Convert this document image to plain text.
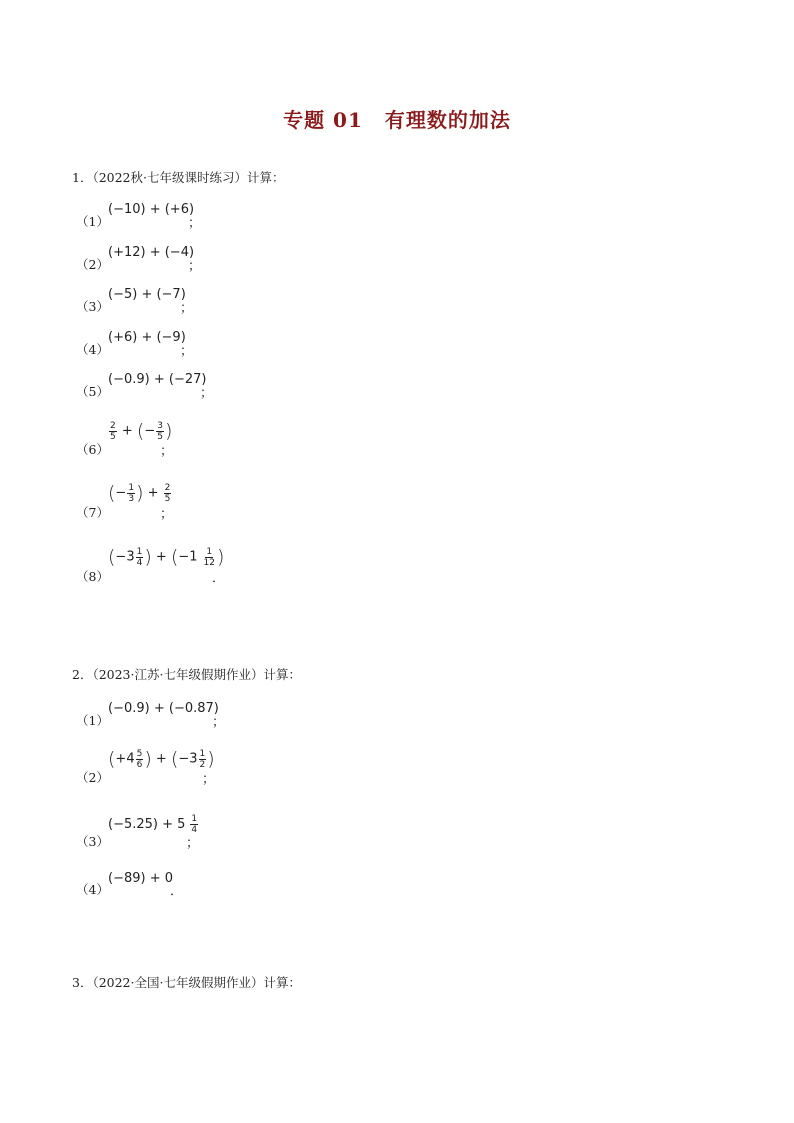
专题 01 有理数的加法
1．（2022秋·七年级课时练习）计算：
（1）
(−10) + (+6)
；
（2）
(+12) + (−4)
；
（3）
(−5) + (−7)
；
（4）
(+6) + (−9)
；
（5）
(−0.9) + (−27)
；
（6）
$\frac{2}{5}$ + (− $\frac{3}{5}$ )
；
（7）
(− $\frac{1}{3}$ ) + $\frac{2}{5}$
；
（8）
($-3 \frac{1}{4}$ ) + ($-1 \frac{1}{12}$ )
．
2．（2023·江苏·七年级假期作业）计算：
（1）
(−0.9) + (−0.87)
；
（2）
($+4 \frac{5}{6}$ ) + ($-3 \frac{1}{2}$ )
；
（3）
$(-5.25) + 5 \frac{1}{4}$
；
（4）
(−89) + 0
．
3．（2022·全国·七年级假期作业）计算：
